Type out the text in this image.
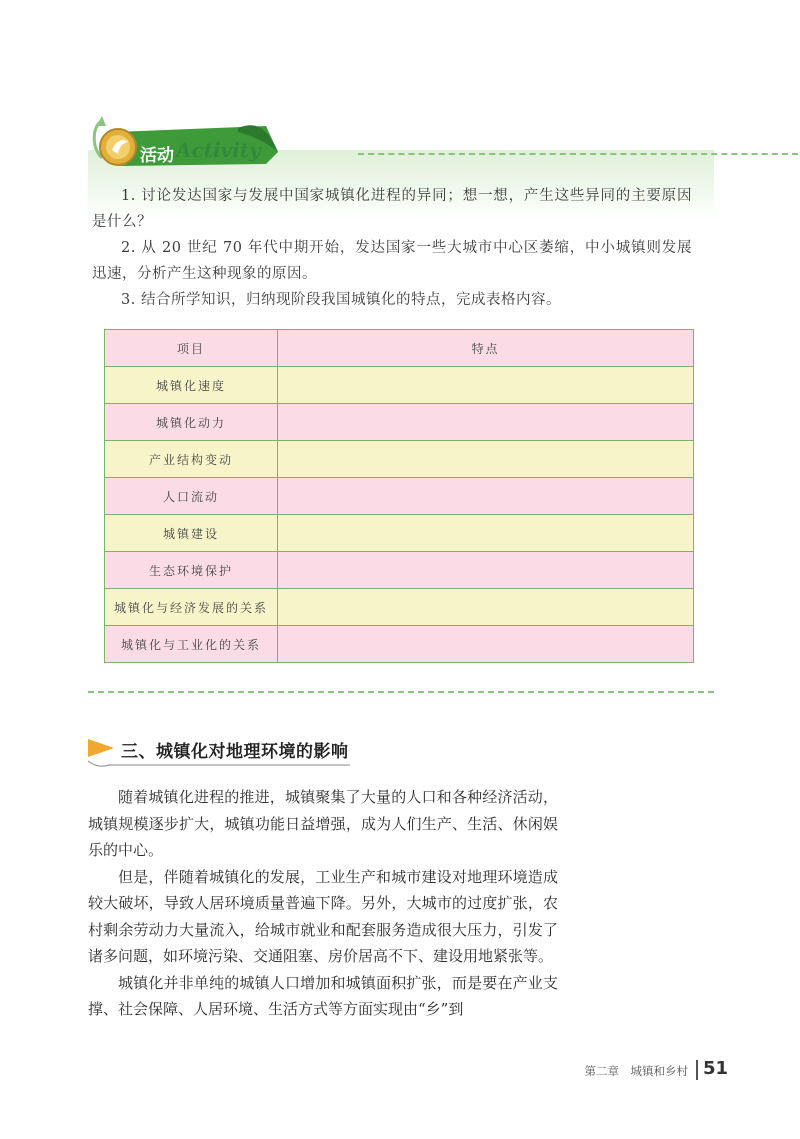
活动 Activity

1. 讨论发达国家与发展中国家城镇化进程的异同；想一想，产生这些异同的主要原因是什么？

2. 从 20 世纪 70 年代中期开始，发达国家一些大城市中心区萎缩，中小城镇则发展迅速，分析产生这种现象的原因。

3. 结合所学知识，归纳现阶段我国城镇化的特点，完成表格内容。

项目	特点
城镇化速度	
城镇化动力	
产业结构变动	
人口流动	
城镇建设	
生态环境保护	
城镇化与经济发展的关系	
城镇化与工业化的关系	
三、城镇化对地理环境的影响

随着城镇化进程的推进，城镇聚集了大量的人口和各种经济活动，城镇规模逐步扩大，城镇功能日益增强，成为人们生产、生活、休闲娱乐的中心。

但是，伴随着城镇化的发展，工业生产和城市建设对地理环境造成较大破坏，导致人居环境质量普遍下降。另外，大城市的过度扩张，农村剩余劳动力大量流入，给城市就业和配套服务造成很大压力，引发了诸多问题，如环境污染、交通阻塞、房价居高不下、建设用地紧张等。

城镇化并非单纯的城镇人口增加和城镇面积扩张，而是要在产业支撑、社会保障、人居环境、生活方式等方面实现由“乡”到

第二章　城镇和乡村 51
